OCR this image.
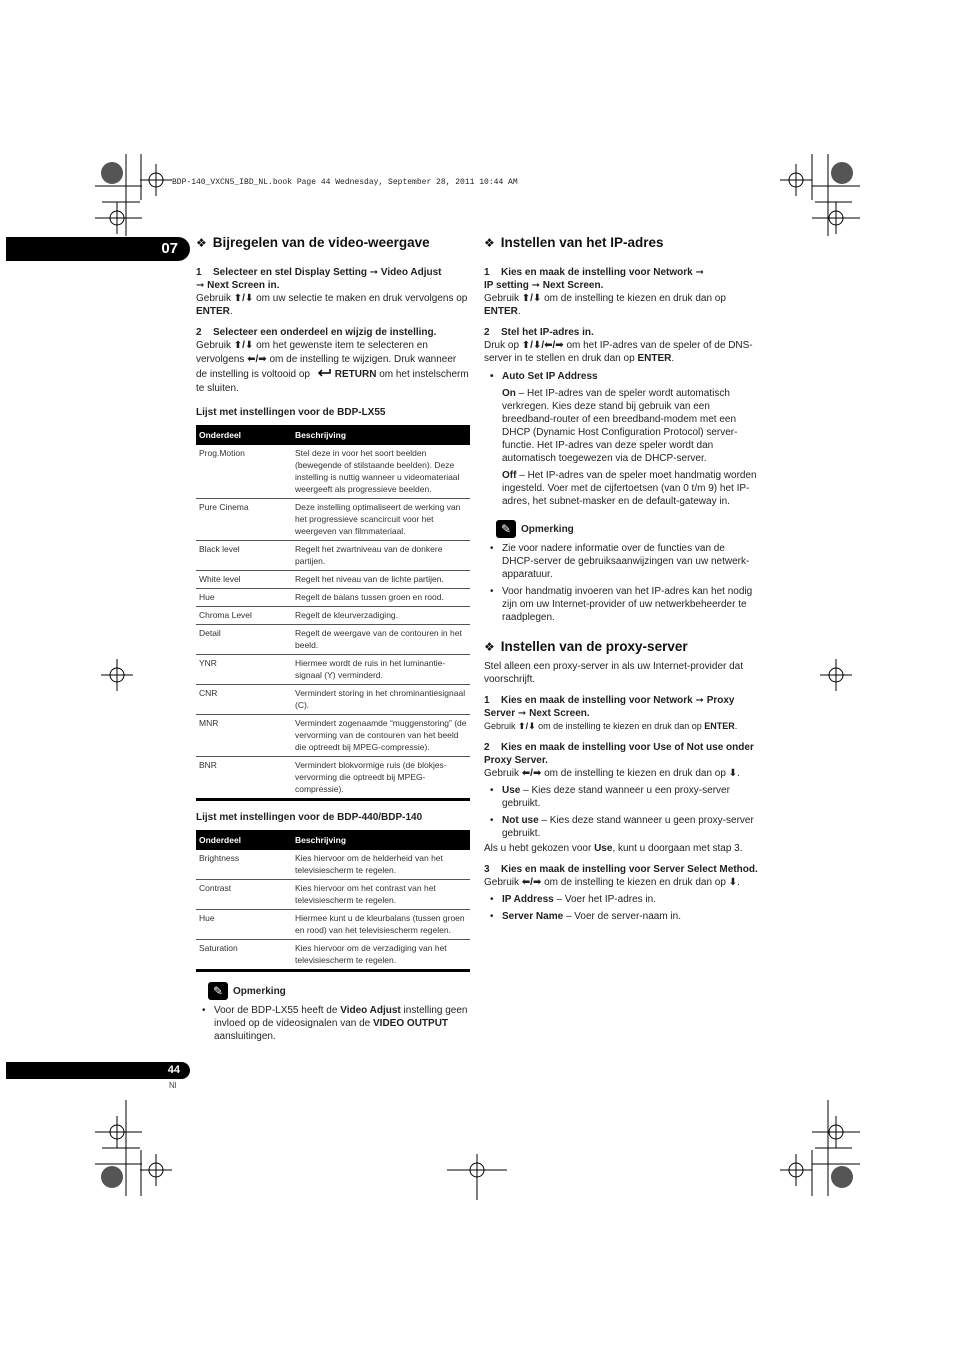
BDP-140_VXCN5_IBD_NL.book Page 44 Wednesday, September 28, 2011 10:44 AM
07
44
Nl
❖ Bijregelen van de video-weergave

1 Selecteer en stel Display Setting ➞ Video Adjust
➞ Next Screen in.

Gebruik ⬆/⬇ om uw selectie te maken en druk vervolgens op ENTER.

2 Selecteer een onderdeel en wijzig de instelling.

Gebruik ⬆/⬇ om het gewenste item te selecteren en vervolgens ⬅/➡ om de instelling te wijzigen. Druk wanneer de instelling is voltooid op RETURN om het instelscherm te sluiten.

Lijst met instellingen voor de BDP-LX55

Onderdeel	Beschrijving
Prog.Motion	Stel deze in voor het soort beelden (bewegende of stilstaande beelden). Deze instelling is nuttig wanneer u videomateriaal weergeeft als progressieve beelden.
Pure Cinema	Deze instelling optimaliseert de werking van het progressieve scancircuit voor het weergeven van filmmateriaal.
Black level	Regelt het zwartniveau van de donkere partijen.
White level	Regelt het niveau van de lichte partijen.
Hue	Regelt de balans tussen groen en rood.
Chroma Level	Regelt de kleurverzadiging.
Detail	Regelt de weergave van de contouren in het beeld.
YNR	Hiermee wordt de ruis in het luminantiesignaal (Y) verminderd.
CNR	Vermindert storing in het chrominantiesignaal (C).
MNR	Vermindert zogenaamde “muggenstoring” (de vervorming van de contouren van het beeld die optreedt bij MPEG-compressie).
BNR	Vermindert blokvormige ruis (de blokjesvervorming die optreedt bij MPEG-compressie).

Lijst met instellingen voor de BDP-440/BDP-140

Onderdeel	Beschrijving
Brightness	Kies hiervoor om de helderheid van het televisiescherm te regelen.
Contrast	Kies hiervoor om het contrast van het televisiescherm te regelen.
Hue	Hiermee kunt u de kleurbalans (tussen groen en rood) van het televisiescherm regelen.
Saturation	Kies hiervoor om de verzadiging van het televisiescherm te regelen.
✎ Opmerking
• Voor de BDP-LX55 heeft de Video Adjust instelling geen invloed op de videosignalen van de VIDEO OUTPUT aansluitingen.
❖ Instellen van het IP-adres

1 Kies en maak de instelling voor Network ➞
IP setting ➞ Next Screen.

Gebruik ⬆/⬇ om de instelling te kiezen en druk dan op ENTER.

2 Stel het IP-adres in.

Druk op ⬆/⬇/⬅/➡ om het IP-adres van de speler of de DNS-server in te stellen en druk dan op ENTER.

• Auto Set IP Address

On – Het IP-adres van de speler wordt automatisch verkregen. Kies deze stand bij gebruik van een breedband-router of een breedband-modem met een DHCP (Dynamic Host Configuration Protocol) server-functie. Het IP-adres van deze speler wordt dan automatisch toegewezen via de DHCP-server.

Off – Het IP-adres van de speler moet handmatig worden ingesteld. Voer met de cijfertoetsen (van 0 t/m 9) het IP-adres, het subnet-masker en de default-gateway in.

✎ Opmerking
• Zie voor nadere informatie over de functies van de DHCP-server de gebruiksaanwijzingen van uw netwerk-apparatuur.
• Voor handmatig invoeren van het IP-adres kan het nodig zijn om uw Internet-provider of uw netwerkbeheerder te raadplegen.
❖ Instellen van de proxy-server

Stel alleen een proxy-server in als uw Internet-provider dat voorschrijft.

1 Kies en maak de instelling voor Network ➞ Proxy Server ➞ Next Screen.

Gebruik ⬆/⬇ om de instelling te kiezen en druk dan op ENTER.

2 Kies en maak de instelling voor Use of Not use onder Proxy Server.

Gebruik ⬅/➡ om de instelling te kiezen en druk dan op ⬇.

• Use – Kies deze stand wanneer u een proxy-server gebruikt.
• Not use – Kies deze stand wanneer u geen proxy-server gebruikt.

Als u hebt gekozen voor Use, kunt u doorgaan met stap 3.

3 Kies en maak de instelling voor Server Select Method.

Gebruik ⬅/➡ om de instelling te kiezen en druk dan op ⬇.

• IP Address – Voer het IP-adres in.
• Server Name – Voer de server-naam in.
